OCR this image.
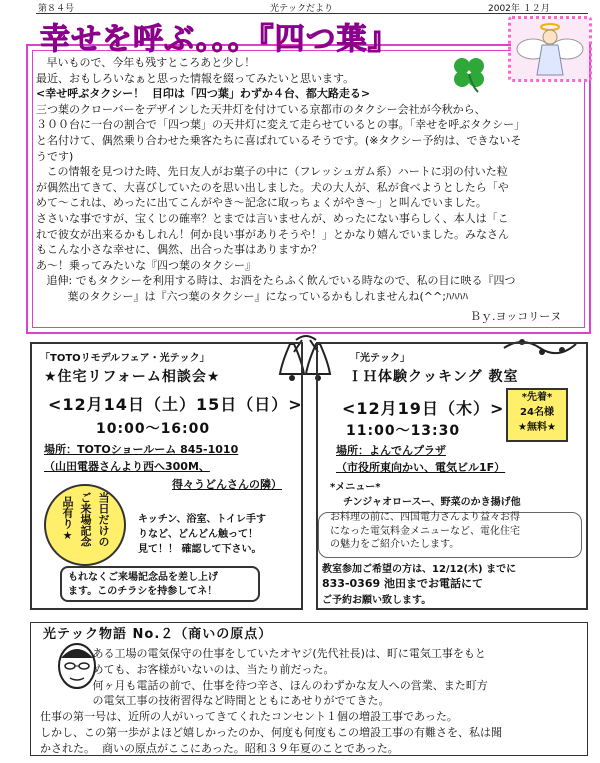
第８４号	光テックだより	2002年 １２月
幸せを呼ぶ。。。『四つ葉』

早いもので、今年も残すところあと少し！

最近、おもしろいなぁと思った情報を綴ってみたいと思います。

<幸せ呼ぶタクシー！  目印は「四つ葉」わずか４台、都大路走る>

三つ葉のクローバーをデザインした天井灯を付けている京都市のタクシー会社が今秋から、

３００台に一台の割合で「四つ葉」の天井灯に変えて走らせているとの事。「幸せを呼ぶタクシー」

と名付けて、偶然乗り合わせた乗客たちに喜ばれているそうです。(※タクシー予約は、できないそ

うです)

この情報を見つけた時、先日友人がお菓子の中に（フレッシュガム系）ハートに羽の付いた粒

が偶然出てきて、大喜びしていたのを思い出しました。犬の大人が、私が食べようとしたら「や

めて～これは、めったに出てこんがやき～記念に取っちょくがやき～」と叫んでいました。

ささいな事ですが、宝くじの確率？とまでは言いませんが、めったにない事らしく、本人は「こ

れで彼女が出来るかもしれん！何か良い事がありそうや！」とかなり嬉んでいました。みなさん

もこんな小さな幸せに、偶然、出合った事はありますか？

あ～！乗ってみたいな『四つ葉のタクシー』

追伸: でもタクシーを利用する時は、お酒をたらふく飲んでいる時なので、私の目に映る『四つ

葉のタクシー』は『六つ葉のタクシー』になっているかもしれませんね(^^;ﾊﾊﾊﾊ

Ｂｙ.ヨッコリーヌ
「TOTOリモデルフェア・光テック」
★住宅リフォーム相談会★
<12月14日（土）15日（日）>
10:00～16:00
場所：TOTOショールーム 845-1010
（山田電器さんより西へ300M、
得々うどんさんの隣）
当日だけの
ご来場記念
品有り★	キッチン、浴室、トイレ手す
りなど、どんどん触って！
見て！！ 確認して下さい。
もれなくご来場記念品を差し上げ
ます。このチラシを持参してネ！
「光テック」
ＩＨ体験クッキング 教室
*先着*
24名様
★無料★
<12月19日（木）>
11:00～13:30
場所：よんでんプラザ
（市役所東向かい、電気ビル1F）
*メニュー*
チンジャオロースー、野菜のかき揚げ他
お料理の前に、四国電力さんより益々お得
になった電気料金メニューなど、電化住宅
の魅力をご紹介いたします。
教室参加ご希望の方は、12/12(木) までに
833-0369 池田までお電話にて
ご予約お願い致します。
光テック物語 No.２（商いの原点）

ある工場の電気保守の仕事をしていたオヤジ(先代社長)は、町に電気工事をもと

めても、お客様がいないのは、当たり前だった。

何ヶ月も電話の前で、仕事を待つ辛さ、ほんのわずかな友人への営業、また町方

の電気工事の技術習得など時間とともにあせりがでてきた。

仕事の第一号は、近所の人がいってきてくれたコンセント１個の増設工事であった。

しかし、この第一歩がよほど嬉しかったのか、何度も何度もこの増設工事の有難さを、私は聞

かされた。  商いの原点がここにあった。昭和３９年夏のことであった。
